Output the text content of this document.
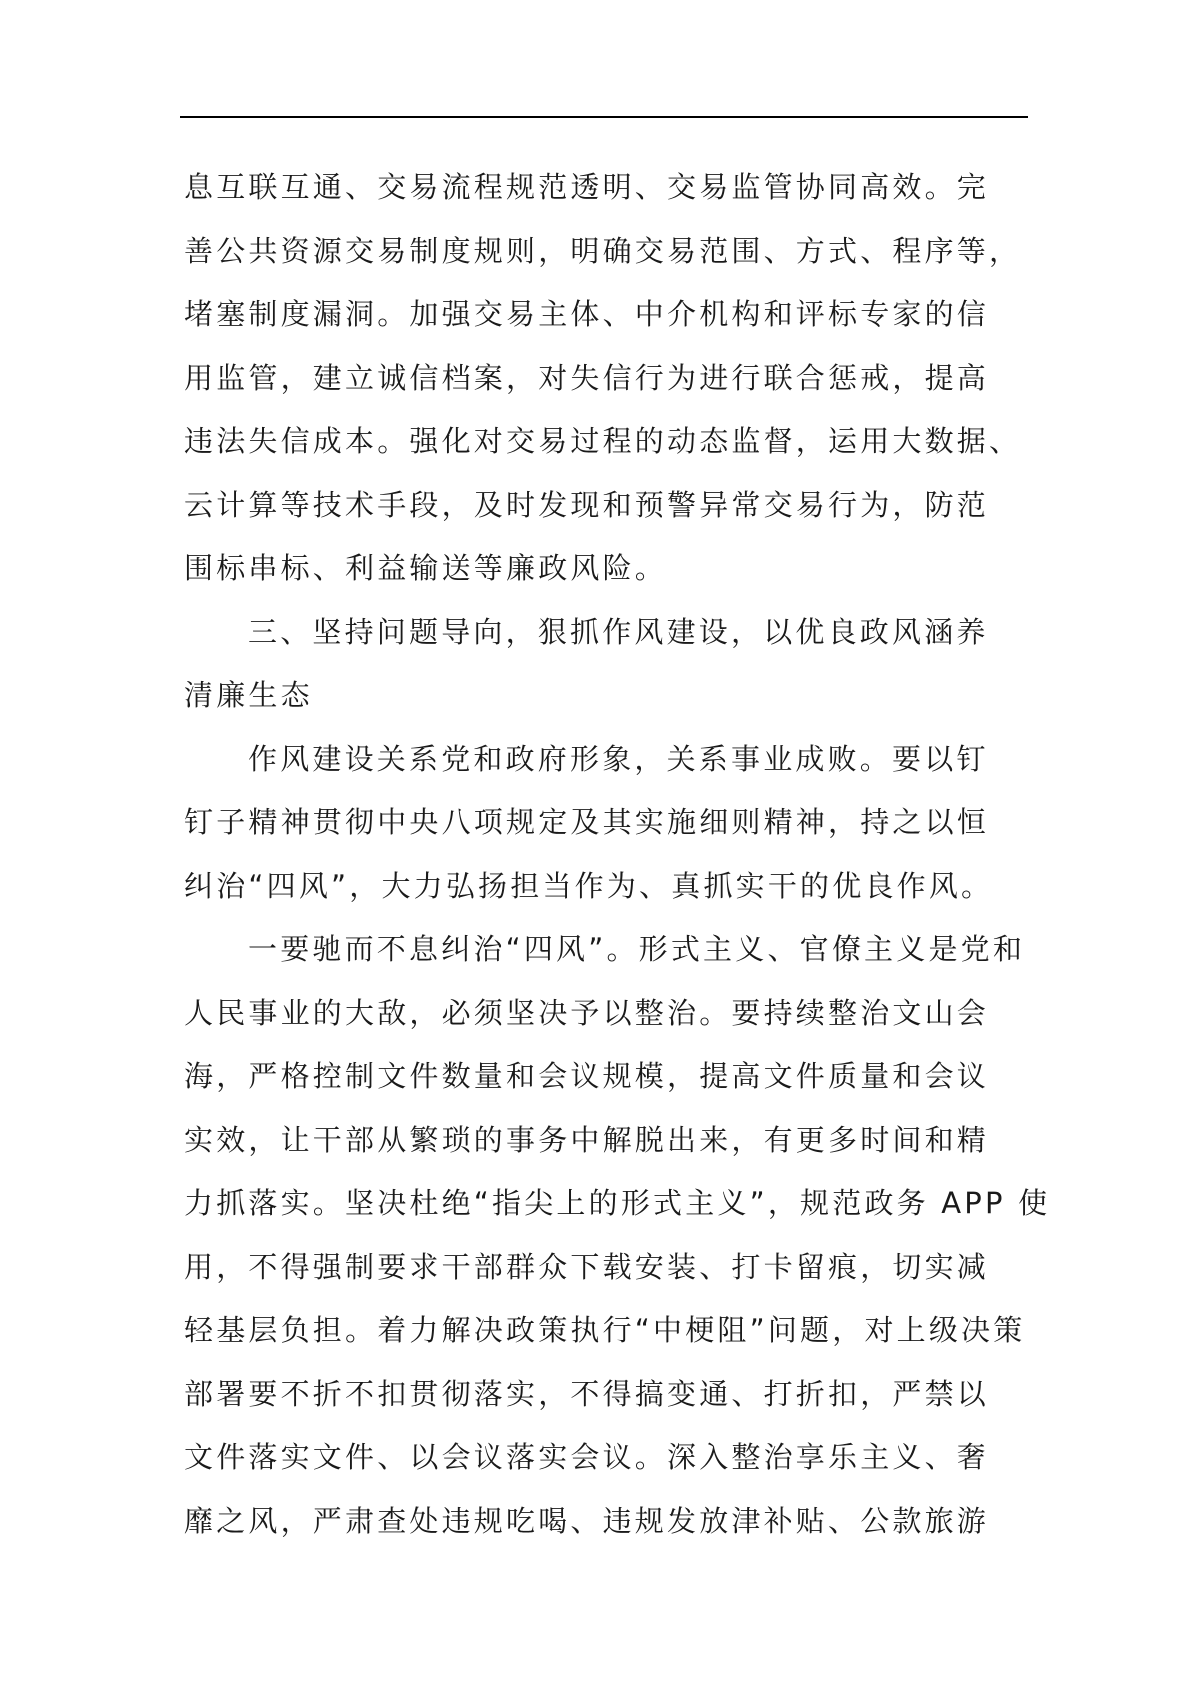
息互联互通、交易流程规范透明、交易监管协同高效。完
善公共资源交易制度规则，明确交易范围、方式、程序等，
堵塞制度漏洞。加强交易主体、中介机构和评标专家的信
用监管，建立诚信档案，对失信行为进行联合惩戒，提高
违法失信成本。强化对交易过程的动态监督，运用大数据、
云计算等技术手段，及时发现和预警异常交易行为，防范
围标串标、利益输送等廉政风险。
三、坚持问题导向，狠抓作风建设，以优良政风涵养
清廉生态
作风建设关系党和政府形象，关系事业成败。要以钉
钉子精神贯彻中央八项规定及其实施细则精神，持之以恒
纠治“四风”，大力弘扬担当作为、真抓实干的优良作风。
一要驰而不息纠治“四风”。形式主义、官僚主义是党和
人民事业的大敌，必须坚决予以整治。要持续整治文山会
海，严格控制文件数量和会议规模，提高文件质量和会议
实效，让干部从繁琐的事务中解脱出来，有更多时间和精
力抓落实。坚决杜绝“指尖上的形式主义”，规范政务 APP 使
用，不得强制要求干部群众下载安装、打卡留痕，切实减
轻基层负担。着力解决政策执行“中梗阻”问题，对上级决策
部署要不折不扣贯彻落实，不得搞变通、打折扣，严禁以
文件落实文件、以会议落实会议。深入整治享乐主义、奢
靡之风，严肃查处违规吃喝、违规发放津补贴、公款旅游
